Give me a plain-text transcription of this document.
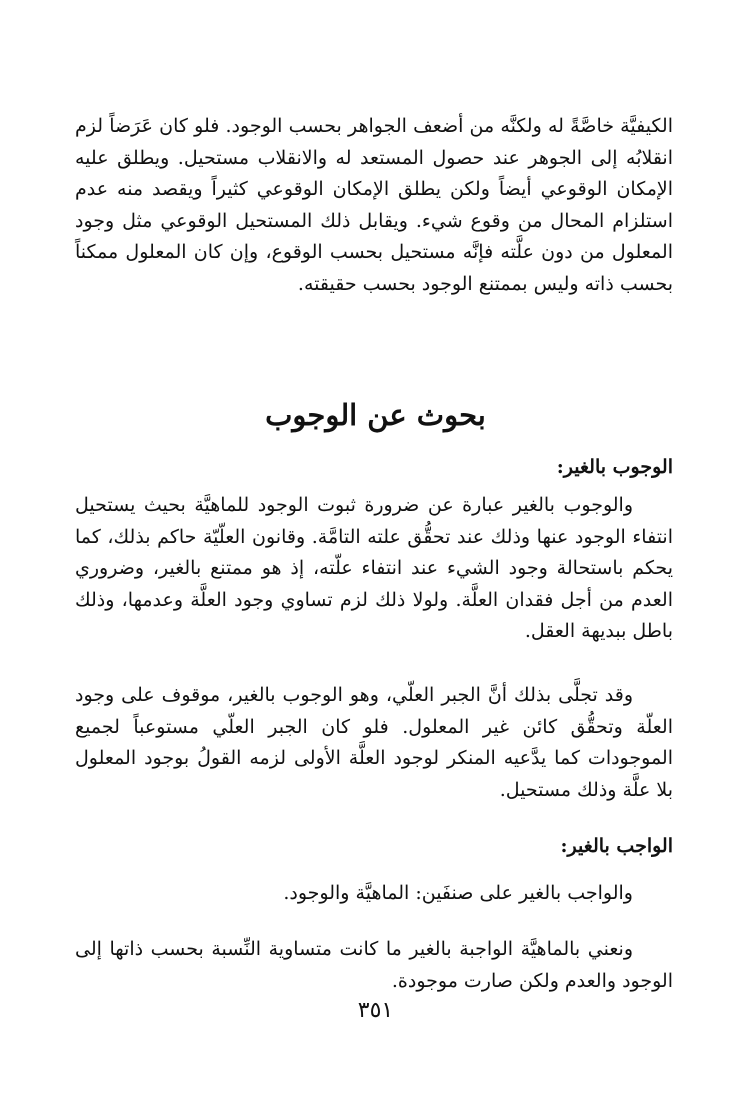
الكيفيَّة خاصَّةً له ولكنَّه من أضعف الجواهر بحسب الوجود. فلو كان عَرَضاً لزم انقلابُه إلى الجوهر عند حصول المستعد له والانقلاب مستحيل. ويطلق عليه الإمكان الوقوعي أيضاً ولكن يطلق الإمكان الوقوعي كثيراً ويقصد منه عدم استلزام المحال من وقوع شيء. ويقابل ذلك المستحيل الوقوعي مثل وجود المعلول من دون علَّته فإنَّه مستحيل بحسب الوقوع، وإن كان المعلول ممكناً بحسب ذاته وليس بممتنع الوجود بحسب حقيقته.

بحوث عن الوجوب
الوجوب بالغير:

والوجوب بالغير عبارة عن ضرورة ثبوت الوجود للماهيَّة بحيث يستحيل انتفاء الوجود عنها وذلك عند تحقُّق علته التامَّة. وقانون العلّيّة حاكم بذلك، كما يحكم باستحالة وجود الشيء عند انتفاء علّته، إذ هو ممتنع بالغير، وضروري العدم من أجل فقدان العلَّة. ولولا ذلك لزم تساوي وجود العلَّة وعدمها، وذلك باطل ببديهة العقل.

وقد تجلَّى بذلك أنَّ الجبر العلّي، وهو الوجوب بالغير، موقوف على وجود العلّة وتحقُّق كائن غير المعلول. فلو كان الجبر العلّي مستوعباً لجميع الموجودات كما يدَّعيه المنكر لوجود العلَّة الأولى لزمه القولُ بوجود المعلول بلا علَّة وذلك مستحيل.

الواجب بالغير:

والواجب بالغير على صنفَين: الماهيَّة والوجود.

ونعني بالماهيَّة الواجبة بالغير ما كانت متساوية النِّسبة بحسب ذاتها إلى الوجود والعدم ولكن صارت موجودة.

٣٥١
